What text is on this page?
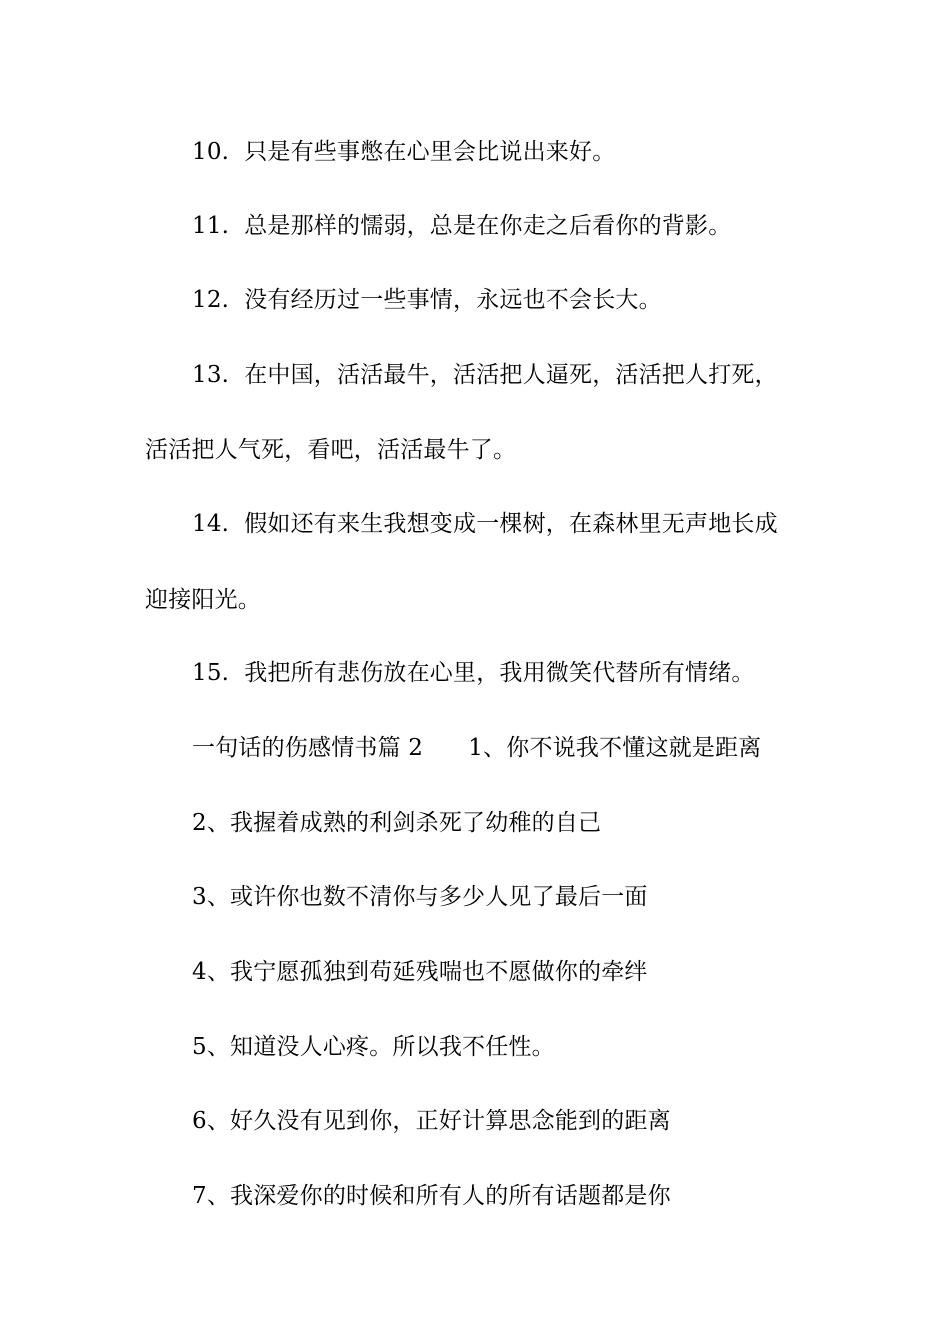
10.  只是有些事憋在心里会比说出来好。
11.  总是那样的懦弱，总是在你走之后看你的背影。
12.  没有经历过一些事情，永远也不会长大。
13.  在中国，活活最牛，活活把人逼死，活活把人打死，
活活把人气死，看吧，活活最牛了。
14.  假如还有来生我想变成一棵树，在森林里无声地长成
迎接阳光。
15.  我把所有悲伤放在心里，我用微笑代替所有情绪。
一句话的伤感情书篇 2      1、你不说我不懂这就是距离
2、我握着成熟的利剑杀死了幼稚的自己
3、或许你也数不清你与多少人见了最后一面
4、我宁愿孤独到苟延残喘也不愿做你的牵绊
5、知道没人心疼。所以我不任性。
6、好久没有见到你，正好计算思念能到的距离
7、我深爱你的时候和所有人的所有话题都是你
